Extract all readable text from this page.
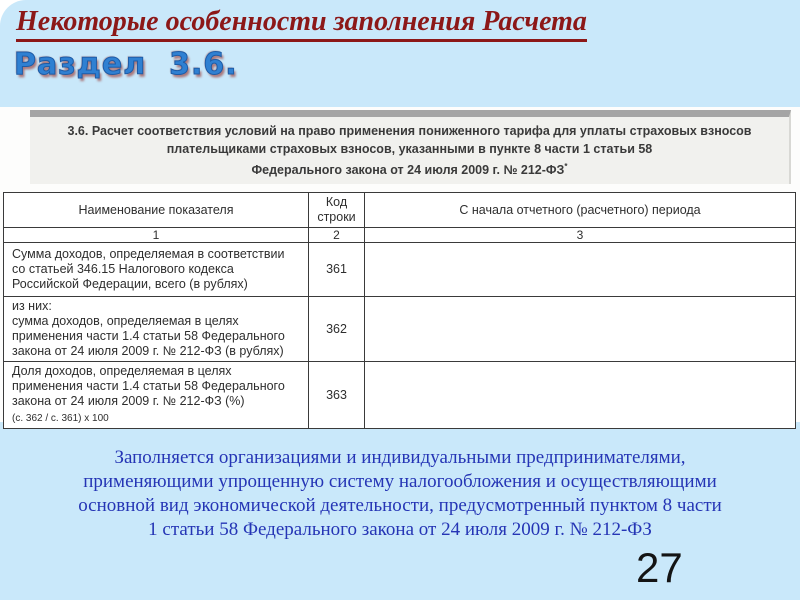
Некоторые особенности заполнения Расчета
Раздел  3.6.
3.6. Расчет соответствия условий на право применения пониженного тарифа для уплаты страховых взносов
плательщиками страховых взносов, указанными в пункте 8 части 1 статьи 58
Федерального закона от 24 июля 2009 г. № 212-ФЗ*
Наименование показателя	Код строки	С начала отчетного (расчетного) периода
1	2	3
Сумма доходов, определяемая в соответствии со статьей 346.15 Налогового кодекса Российской Федерации, всего (в рублях)	361	

из них:
сумма доходов, определяемая в целях применения части 1.4 статьи 58 Федерального закона от 24 июля 2009 г. № 212-ФЗ (в рублях)	362	
Доля доходов, определяемая в целях применения части 1.4 статьи 58 Федерального закона от 24 июля 2009 г. № 212-ФЗ (%)
(с. 362 / с. 361) х 100	363	

Заполняется организациями и индивидуальными предпринимателями,
применяющими упрощенную систему налогообложения и осуществляющими
основной вид экономической деятельности, предусмотренный пунктом 8 части
1 статьи 58 Федерального закона от 24 июля 2009 г. № 212-ФЗ

27
